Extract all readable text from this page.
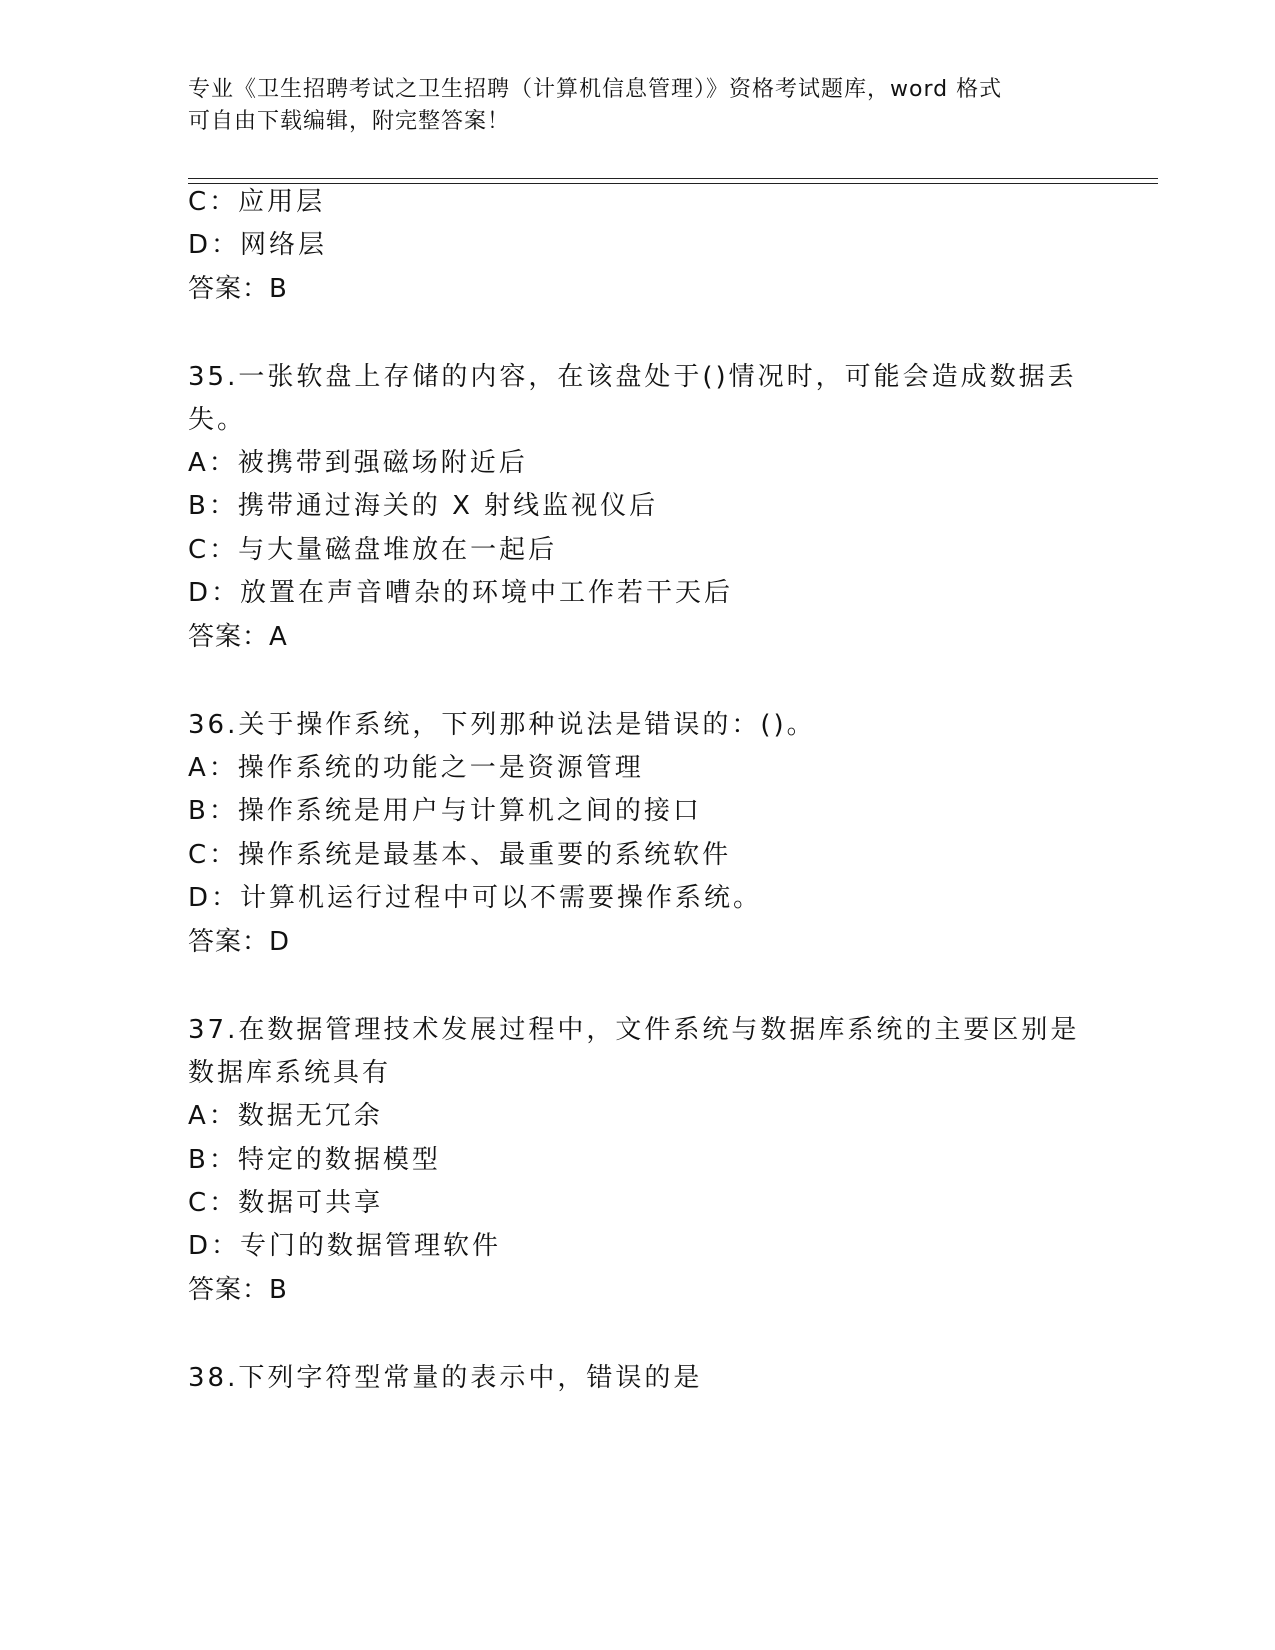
专业《卫生招聘考试之卫生招聘（计算机信息管理）》资格考试题库，word 格式
可自由下载编辑，附完整答案！
C：应用层
D：网络层
答案：B
35.一张软盘上存储的内容，在该盘处于()情况时，可能会造成数据丢
失。
A：被携带到强磁场附近后
B：携带通过海关的 X 射线监视仪后
C：与大量磁盘堆放在一起后
D：放置在声音嘈杂的环境中工作若干天后
答案：A
36.关于操作系统，下列那种说法是错误的：()。
A：操作系统的功能之一是资源管理
B：操作系统是用户与计算机之间的接口
C：操作系统是最基本、最重要的系统软件
D：计算机运行过程中可以不需要操作系统。
答案：D
37.在数据管理技术发展过程中，文件系统与数据库系统的主要区别是
数据库系统具有
A：数据无冗余
B：特定的数据模型
C：数据可共享
D：专门的数据管理软件
答案：B
38.下列字符型常量的表示中，错误的是
